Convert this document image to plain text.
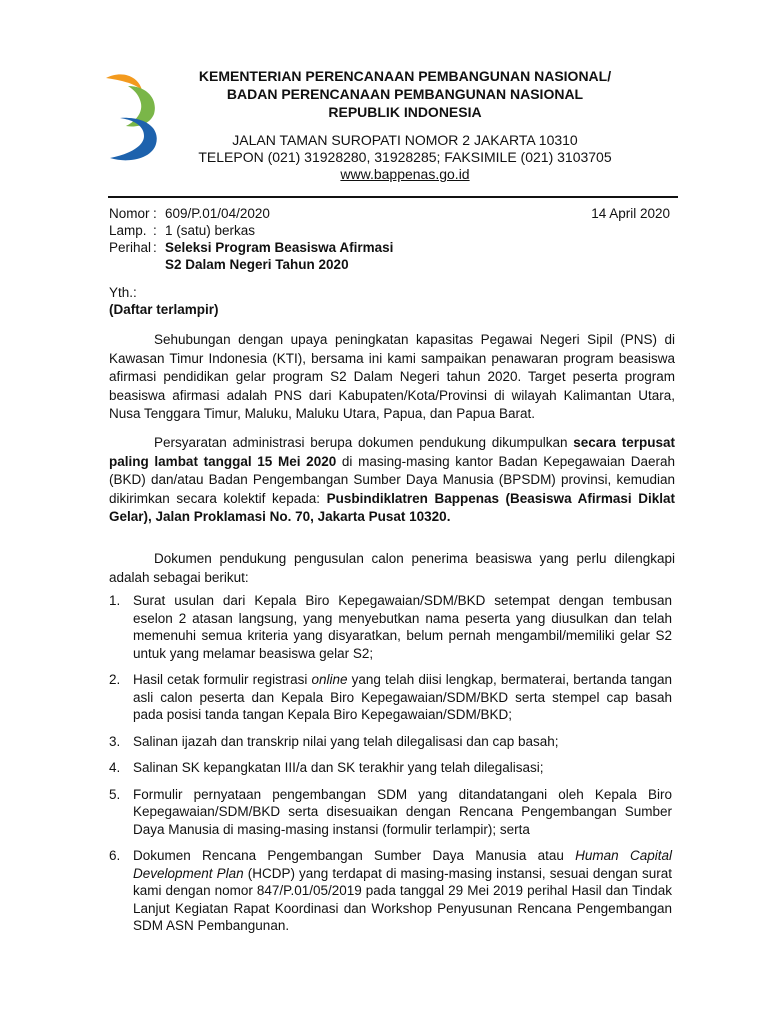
KEMENTERIAN PERENCANAAN PEMBANGUNAN NASIONAL/
BADAN PERENCANAAN PEMBANGUNAN NASIONAL
REPUBLIK INDONESIA
JALAN TAMAN SUROPATI NOMOR 2 JAKARTA 10310
TELEPON (021) 31928280, 31928285; FAKSIMILE (021) 3103705
www.bappenas.go.id
14 April 2020
Nomor : 609/P.01/04/2020
Lamp. : 1 (satu) berkas
Perihal : Seleksi Program Beasiswa Afirmasi
S2 Dalam Negeri Tahun 2020
Yth.:
(Daftar terlampir)

Sehubungan dengan upaya peningkatan kapasitas Pegawai Negeri Sipil (PNS) di Kawasan Timur Indonesia (KTI), bersama ini kami sampaikan penawaran program beasiswa afirmasi pendidikan gelar program S2 Dalam Negeri tahun 2020. Target peserta program beasiswa afirmasi adalah PNS dari Kabupaten/Kota/Provinsi di wilayah Kalimantan Utara, Nusa Tenggara Timur, Maluku, Maluku Utara, Papua, dan Papua Barat.

Persyaratan administrasi berupa dokumen pendukung dikumpulkan secara terpusat paling lambat tanggal 15 Mei 2020 di masing-masing kantor Badan Kepegawaian Daerah (BKD) dan/atau Badan Pengembangan Sumber Daya Manusia (BPSDM) provinsi, kemudian dikirimkan secara kolektif kepada: Pusbindiklatren Bappenas (Beasiswa Afirmasi Diklat Gelar), Jalan Proklamasi No. 70, Jakarta Pusat 10320.

Dokumen pendukung pengusulan calon penerima beasiswa yang perlu dilengkapi adalah sebagai berikut:

1. Surat usulan dari Kepala Biro Kepegawaian/SDM/BKD setempat dengan tembusan eselon 2 atasan langsung, yang menyebutkan nama peserta yang diusulkan dan telah memenuhi semua kriteria yang disyaratkan, belum pernah mengambil/memiliki gelar S2 untuk yang melamar beasiswa gelar S2;
2. Hasil cetak formulir registrasi online yang telah diisi lengkap, bermaterai, bertanda tangan asli calon peserta dan Kepala Biro Kepegawaian/SDM/BKD serta stempel cap basah pada posisi tanda tangan Kepala Biro Kepegawaian/SDM/BKD;
3. Salinan ijazah dan transkrip nilai yang telah dilegalisasi dan cap basah;
4. Salinan SK kepangkatan III/a dan SK terakhir yang telah dilegalisasi;
5. Formulir pernyataan pengembangan SDM yang ditandatangani oleh Kepala Biro Kepegawaian/SDM/BKD serta disesuaikan dengan Rencana Pengembangan Sumber Daya Manusia di masing-masing instansi (formulir terlampir); serta
6. Dokumen Rencana Pengembangan Sumber Daya Manusia atau Human Capital Development Plan (HCDP) yang terdapat di masing-masing instansi, sesuai dengan surat kami dengan nomor 847/P.01/05/2019 pada tanggal 29 Mei 2019 perihal Hasil dan Tindak Lanjut Kegiatan Rapat Koordinasi dan Workshop Penyusunan Rencana Pengembangan SDM ASN Pembangunan.
